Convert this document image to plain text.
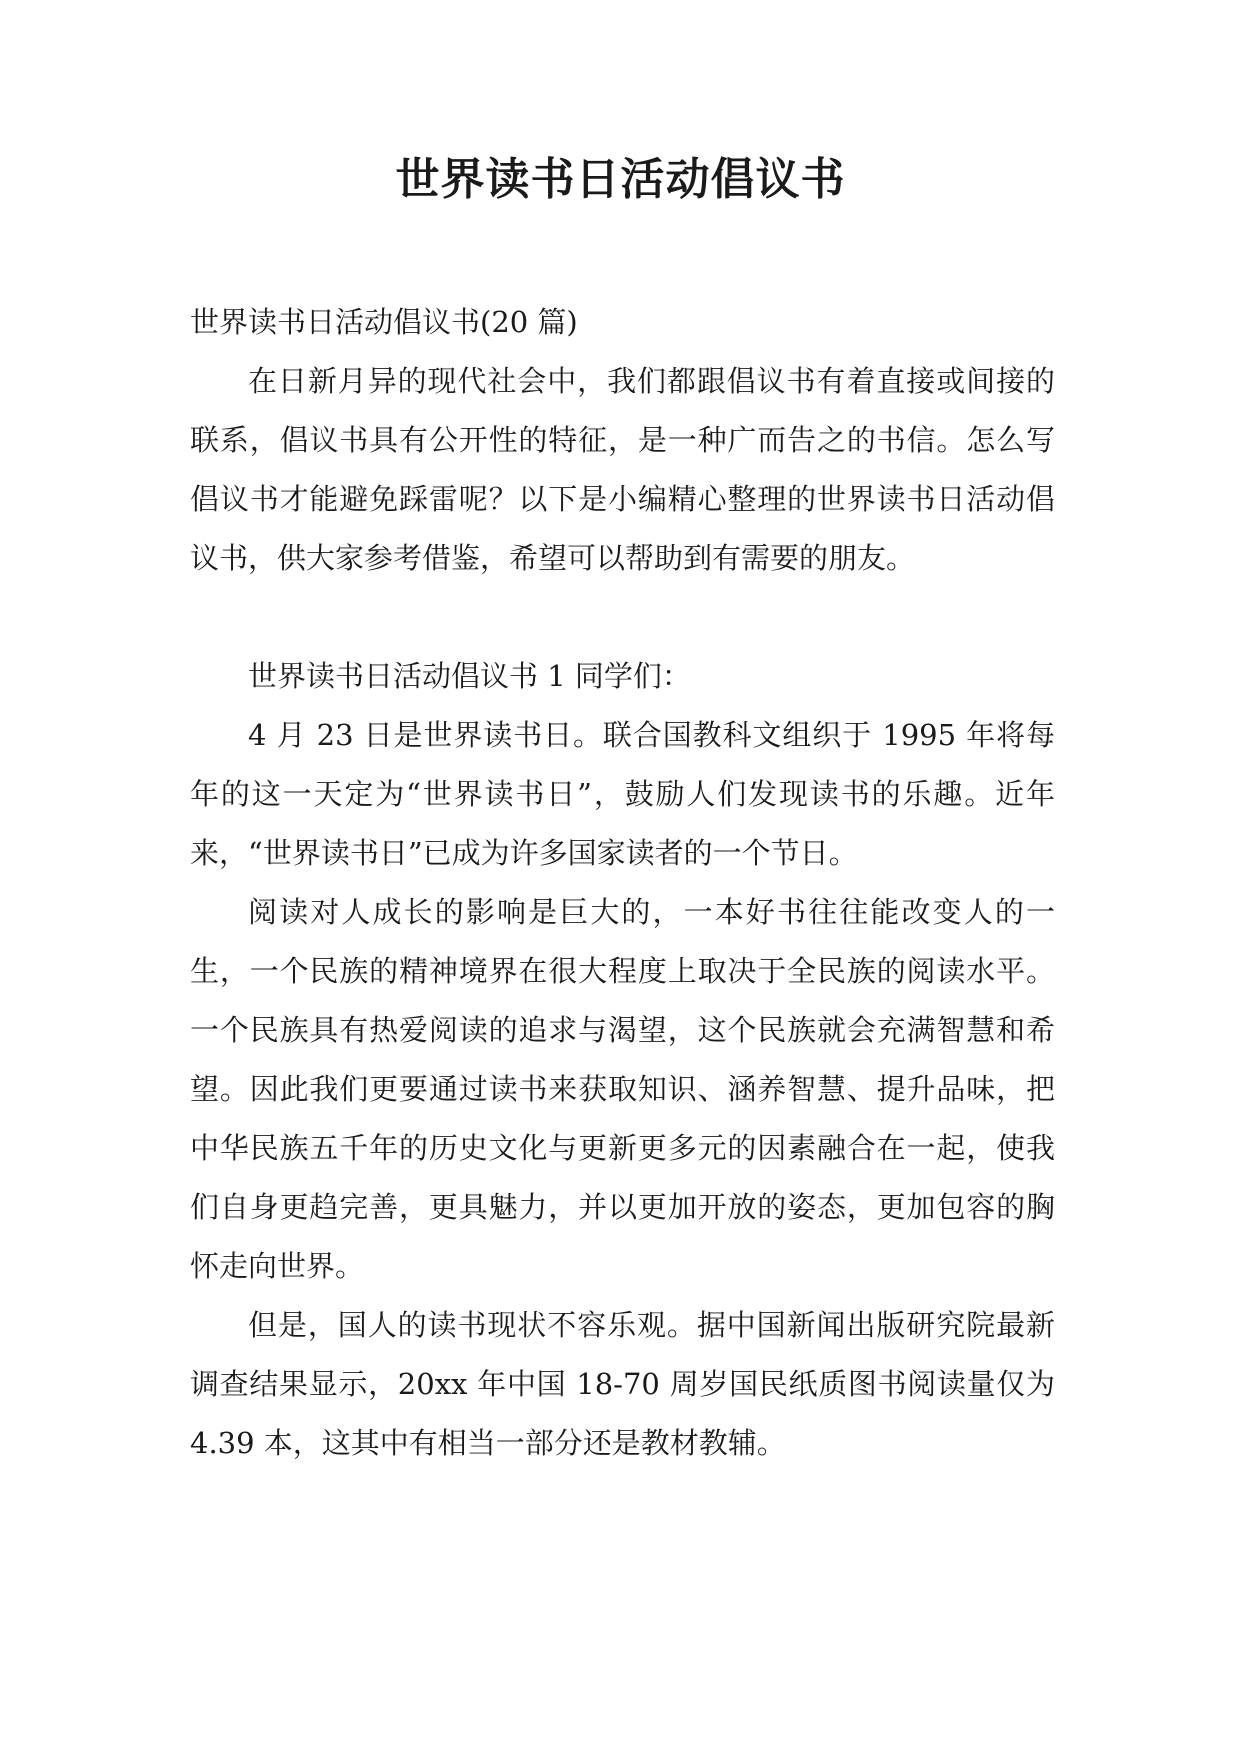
世界读书日活动倡议书

世界读书日活动倡议书(20 篇)

在日新月异的现代社会中，我们都跟倡议书有着直接或间接的联系，倡议书具有公开性的特征，是一种广而告之的书信。怎么写倡议书才能避免踩雷呢？以下是小编精心整理的世界读书日活动倡议书，供大家参考借鉴，希望可以帮助到有需要的朋友。

世界读书日活动倡议书 1 同学们：

4 月 23 日是世界读书日。联合国教科文组织于 1995 年将每年的这一天定为“世界读书日”，鼓励人们发现读书的乐趣。近年来，“世界读书日”已成为许多国家读者的一个节日。

阅读对人成长的影响是巨大的，一本好书往往能改变人的一生，一个民族的精神境界在很大程度上取决于全民族的阅读水平。一个民族具有热爱阅读的追求与渴望，这个民族就会充满智慧和希望。因此我们更要通过读书来获取知识、涵养智慧、提升品味，把中华民族五千年的历史文化与更新更多元的因素融合在一起，使我们自身更趋完善，更具魅力，并以更加开放的姿态，更加包容的胸怀走向世界。

但是，国人的读书现状不容乐观。据中国新闻出版研究院最新调查结果显示，20xx 年中国 18-70 周岁国民纸质图书阅读量仅为 4.39 本，这其中有相当一部分还是教材教辅。
